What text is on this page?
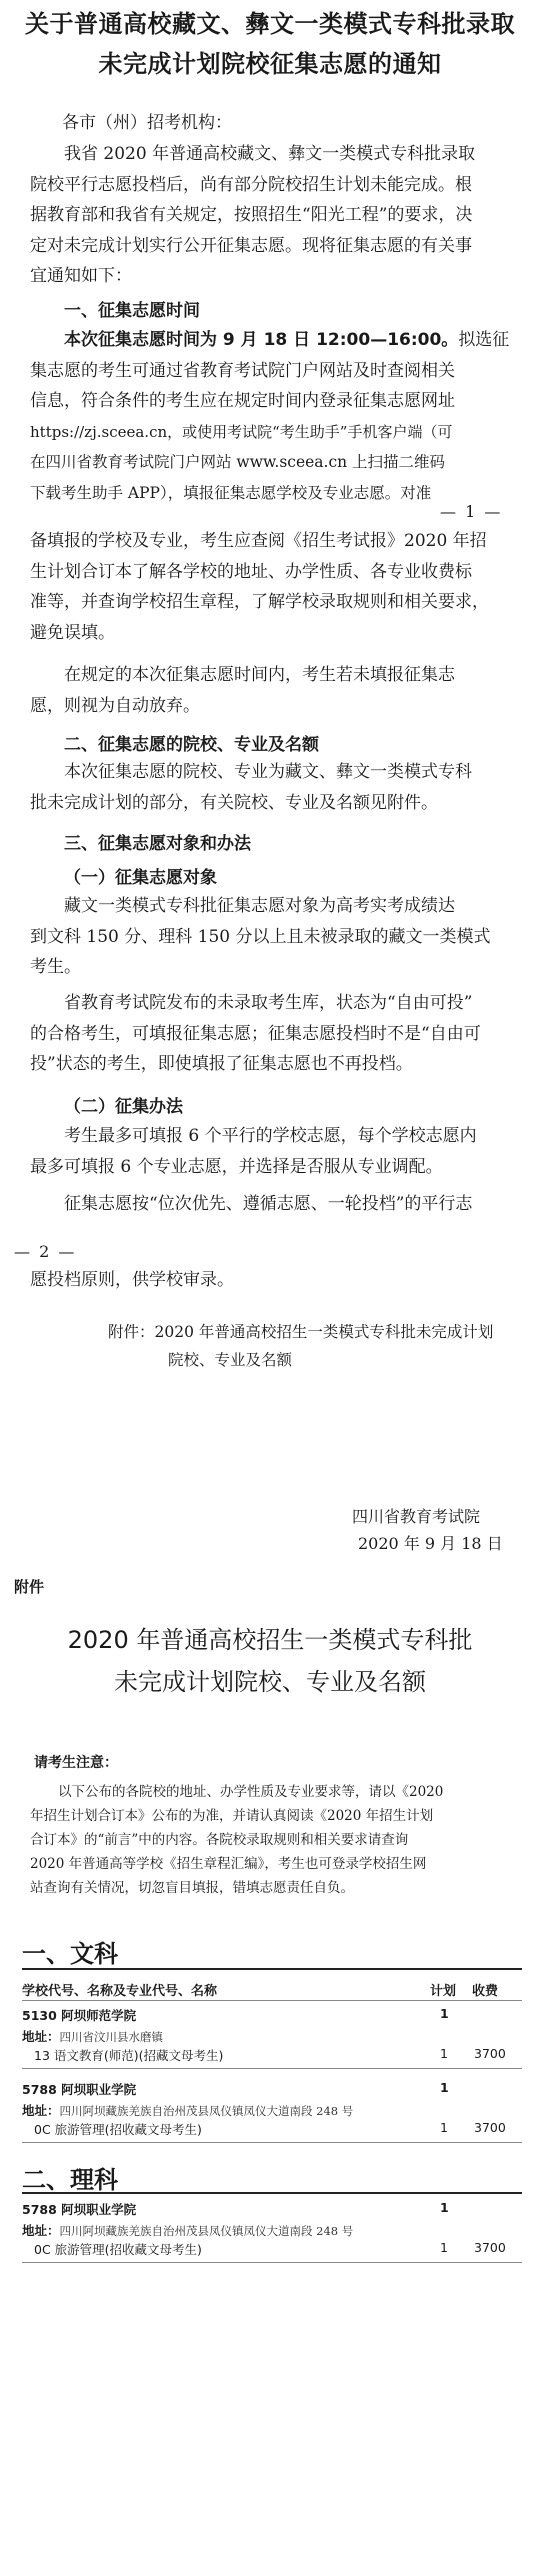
关于普通高校藏文、彝文一类模式专科批录取
未完成计划院校征集志愿的通知
各市（州）招考机构：
我省 2020 年普通高校藏文、彝文一类模式专科批录取
院校平行志愿投档后，尚有部分院校招生计划未能完成。根
据教育部和我省有关规定，按照招生“阳光工程”的要求，决
定对未完成计划实行公开征集志愿。现将征集志愿的有关事
宜通知如下：
一、征集志愿时间
本次征集志愿时间为 9 月 18 日 12:00—16:00。拟选征
集志愿的考生可通过省教育考试院门户网站及时查阅相关
信息，符合条件的考生应在规定时间内登录征集志愿网址
https://zj.sceea.cn，或使用考试院“考生助手”手机客户端（可
在四川省教育考试院门户网站 www.sceea.cn 上扫描二维码
下载考生助手 APP），填报征集志愿学校及专业志愿。对准
— 1 —
备填报的学校及专业，考生应查阅《招生考试报》2020 年招
生计划合订本了解各学校的地址、办学性质、各专业收费标
准等，并查询学校招生章程，了解学校录取规则和相关要求，
避免误填。
在规定的本次征集志愿时间内，考生若未填报征集志
愿，则视为自动放弃。
二、征集志愿的院校、专业及名额
本次征集志愿的院校、专业为藏文、彝文一类模式专科
批未完成计划的部分，有关院校、专业及名额见附件。
三、征集志愿对象和办法
（一）征集志愿对象
藏文一类模式专科批征集志愿对象为高考实考成绩达
到文科 150 分、理科 150 分以上且未被录取的藏文一类模式
考生。
省教育考试院发布的未录取考生库，状态为“自由可投”
的合格考生，可填报征集志愿；征集志愿投档时不是“自由可
投”状态的考生，即使填报了征集志愿也不再投档。
（二）征集办法
考生最多可填报 6 个平行的学校志愿，每个学校志愿内
最多可填报 6 个专业志愿，并选择是否服从专业调配。
征集志愿按“位次优先、遵循志愿、一轮投档”的平行志
— 2 —
愿投档原则，供学校审录。
附件：2020 年普通高校招生一类模式专科批未完成计划
院校、专业及名额
四川省教育考试院
2020 年 9 月 18 日
附件
2020 年普通高校招生一类模式专科批
未完成计划院校、专业及名额
请考生注意：
以下公布的各院校的地址、办学性质及专业要求等，请以《2020
年招生计划合订本》公布的为准，并请认真阅读《2020 年招生计划
合订本》的“前言”中的内容。各院校录取规则和相关要求请查询
2020 年普通高等学校《招生章程汇编》，考生也可登录学校招生网
站查询有关情况，切忽盲目填报，错填志愿责任自负。
一、文科
学校代号、名称及专业代号、名称	计划 收费
5130 阿坝师范学院	1
地址：四川省汶川县水磨镇
13 语文教育(师范)(招藏文母考生)	1 3700
5788 阿坝职业学院	1
地址：四川阿坝藏族羌族自治州茂县凤仪镇凤仪大道南段 248 号
0C 旅游管理(招收藏文母考生)	1 3700
二、理科
5788 阿坝职业学院	1
地址：四川阿坝藏族羌族自治州茂县凤仪镇凤仪大道南段 248 号
0C 旅游管理(招收藏文母考生)	1 3700
